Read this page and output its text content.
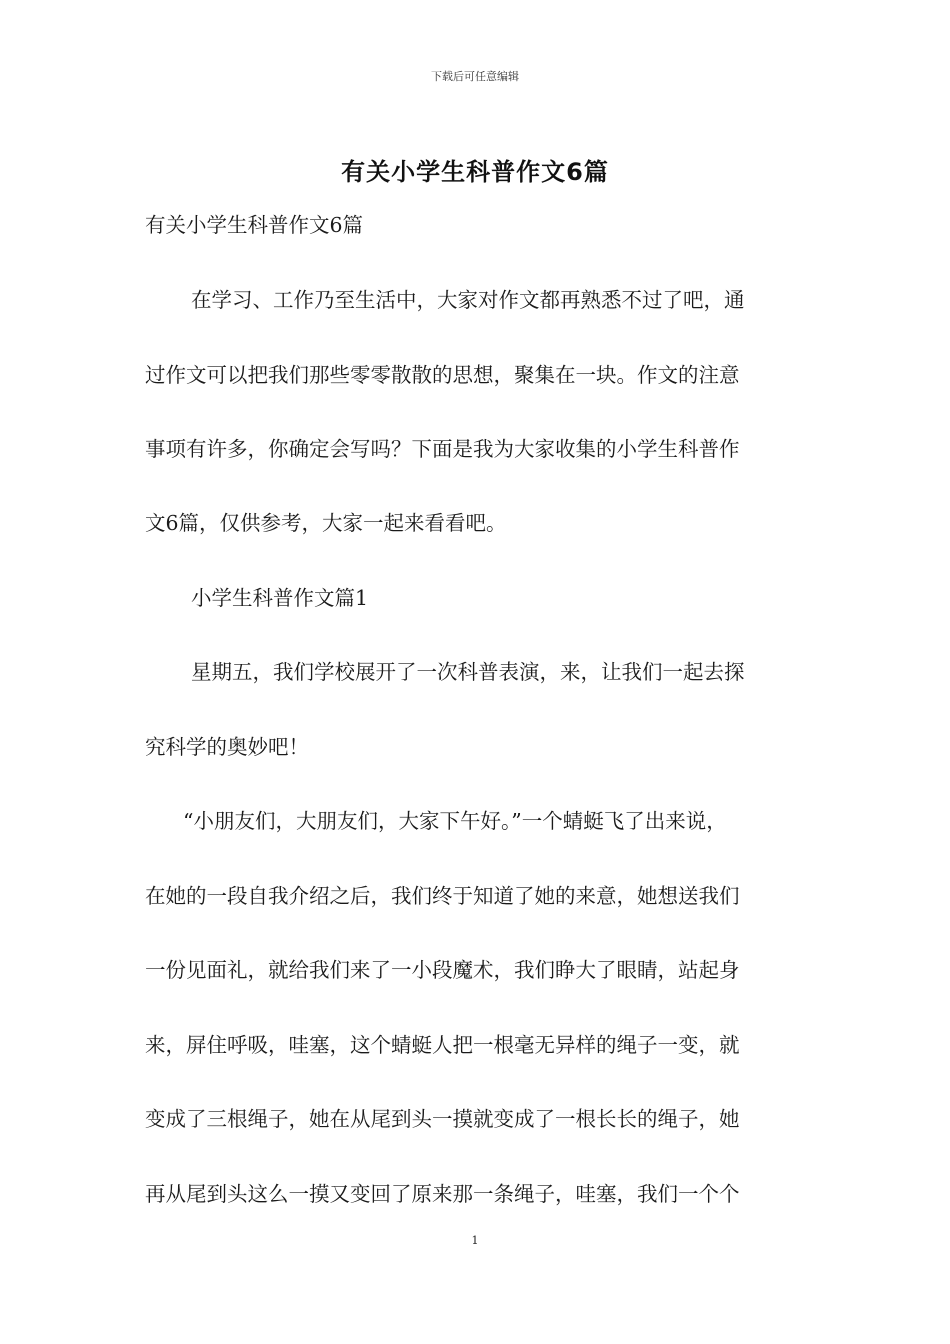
下载后可任意编辑
有关小学生科普作文6篇
有关小学生科普作文6篇
在学习、工作乃至生活中，大家对作文都再熟悉不过了吧，通
过作文可以把我们那些零零散散的思想，聚集在一块。作文的注意
事项有许多，你确定会写吗？下面是我为大家收集的小学生科普作
文6篇，仅供参考，大家一起来看看吧。
小学生科普作文篇1
星期五，我们学校展开了一次科普表演，来，让我们一起去探
究科学的奥妙吧！
“小朋友们，大朋友们，大家下午好。”一个蜻蜓飞了出来说，
在她的一段自我介绍之后，我们终于知道了她的来意，她想送我们
一份见面礼，就给我们来了一小段魔术，我们睁大了眼睛，站起身
来，屏住呼吸，哇塞，这个蜻蜓人把一根毫无异样的绳子一变，就
变成了三根绳子，她在从尾到头一摸就变成了一根长长的绳子，她
再从尾到头这么一摸又变回了原来那一条绳子，哇塞，我们一个个
1
